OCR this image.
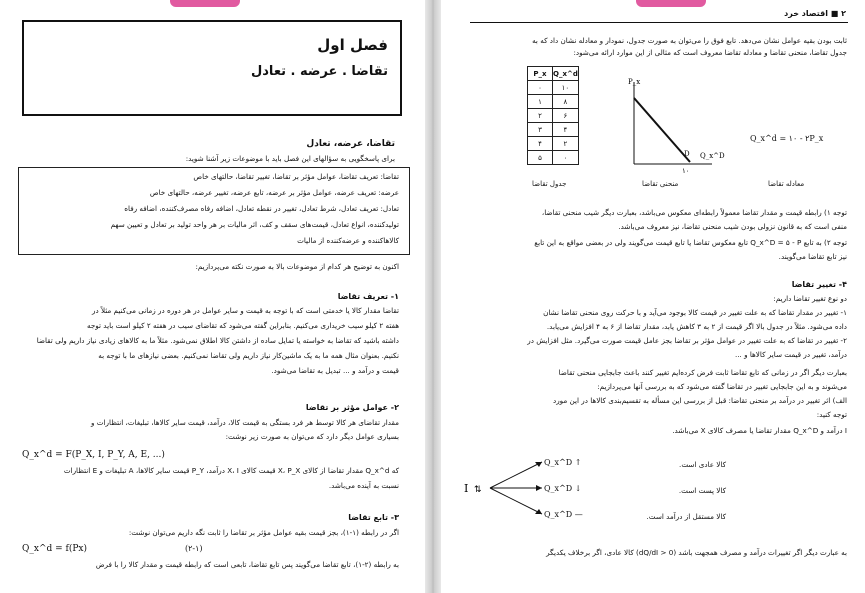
فصل اول
تقاضا . عرضه . تعادل
تقاضا، عرضه، تعادل
برای پاسخگویی به سؤالهای این فصل باید با موضوعات زیر آشنا شوید:
تقاضا: تعریف تقاضا، عوامل مؤثر بر تقاضا، تغییر تقاضا، حالتهای خاص
عرضه: تعریف عرضه، عوامل مؤثر بر عرضه، تابع عرضه، تغییر عرضه، حالتهای خاص
تعادل: تعریف تعادل، شرط تعادل، تغییر در نقطه تعادل، اضافه رفاه مصرف‌کننده، اضافه رفاه
تولیدکننده، انواع تعادل، قیمت‌های سقف و کف، اثر مالیات بر هر واحد تولید بر تعادل و تعیین سهم
کالاهاکننده و عرضه‌کننده از مالیات
اکنون به توضیح هر کدام از موضوعات بالا به صورت نکته می‌پردازیم:
۱- تعریف تقاضا
تقاضا مقدار کالا یا خدمتی است که با توجه به قیمت و سایر عوامل در هر دوره در زمانی می‌کنیم مثلاً در
هفته ۲ کیلو سیب خریداری می‌کنیم. بنابراین گفته می‌شود که تقاضای سیب در هفته ۲ کیلو است باید توجه
داشته باشید که تقاضا به خواسته یا تمایل ساده از داشتن کالا اطلاق نمی‌شود. مثلاً ما به کالاهای زیادی نیاز داریم ولی تقاضا
نکنیم. بعنوان مثال همه ما به یک ماشین‌کار نیاز داریم ولی تقاضا نمی‌کنیم. بعضی نیازهای ما با توجه به
قیمت و درآمد و ... تبدیل به تقاضا می‌شود.
۲- عوامل مؤثر بر تقاضا
مقدار تقاضای هر کالا توسط هر فرد بستگی به قیمت کالا، درآمد، قیمت سایر کالاها، تبلیغات، انتظارات و
بسیاری عوامل دیگر دارد که می‌توان به صورت زیر نوشت:
Q_x^d = F(P_X, I, P_Y, A, E, ...)
که Q_x^d مقدار تقاضا از کالای X، P_X قیمت کالای X، I درآمد، P_Y قیمت سایر کالاها، A تبلیغات و E انتظارات
نسبت به آینده می‌باشد.
۳- تابع تقاضا
اگر در رابطه (۱-۱)، بجز قیمت بقیه عوامل مؤثر بر تقاضا را ثابت نگه داریم می‌توان نوشت:
Q_x^d = f(Px)	(۲-۱)
به رابطه (۲-۱)، تابع تقاضا می‌گویند پس تابع تقاضا، تابعی است که رابطه قیمت و مقدار کالا را با فرض
۲ ■ اقتصاد خرد
ثابت بودن بقیه عوامل نشان می‌دهد. تابع فوق را می‌توان به صورت جدول، نمودار و معادله نشان داد که به
جدول تقاضا، منحنی تقاضا و معادله تقاضا معروف است که مثالی از این موارد ارائه می‌شود:
P_x	Q_x^d
۰	۱۰
۱	۸
۲	۶
۳	۴
۴	۲
۵	۰
P_x
Q_x^D
D
۱۰
Q_x^d = ۱۰ - ۲P_x
جدول تقاضا	منحنی تقاضا	معادله تقاضا
توجه ۱) رابطه قیمت و مقدار تقاضا معمولاً رابطه‌ای معکوس می‌باشد، بعبارت دیگر شیب منحنی تقاضا،
منفی است که به قانون نزولی بودن شیب منحنی تقاضا، نیز معروف می‌باشد.
توجه ۲) به تابع Q_x^D = ۵ - P تابع معکوس تقاضا یا تابع قیمت می‌گویند ولی در بعضی مواقع به این تابع
نیز تابع تقاضا می‌گویند.
۴- تغییر تقاضا
دو نوع تغییر تقاضا داریم:
۱- تغییر در مقدار تقاضا که به علت تغییر در قیمت کالا بوجود می‌آید و با حرکت روی منحنی تقاضا نشان
داده می‌شود. مثلاً در جدول بالا اگر قیمت از ۲ به ۳ کاهش یابد، مقدار تقاضا از ۶ به ۴ افزایش می‌یابد.
۲- تغییر در تقاضا که به علت تغییر در عوامل مؤثر بر تقاضا بجز عامل قیمت صورت می‌گیرد. مثل افزایش در
درآمد، تغییر در قیمت سایر کالاها و ...
بعبارت دیگر اگر در زمانی که تابع تقاضا ثابت فرض کرده‌ایم تغییر کنند باعث جابجایی منحنی تقاضا
می‌شوند و به این جابجایی تغییر در تقاضا گفته می‌شود که به بررسی آنها می‌پردازیم:
الف) اثر تغییر در درآمد بر منحنی تقاضا: قبل از بررسی این مسأله به تقسیم‌بندی کالاها در این مورد
توجه کنید:
I درآمد و Q_x^D مقدار تقاضا یا مصرف کالای X می‌باشد.
I ⇅
Q_x^D ↑
Q_x^D ↓
Q_x^D —
کالا عادی است.
کالا پست است.
کالا مستقل از درآمد است.
به عبارت دیگر اگر تغییرات درآمد و مصرف همجهت باشد (0 < dQ/dI) کالا عادی، اگر برخلاف یکدیگر
